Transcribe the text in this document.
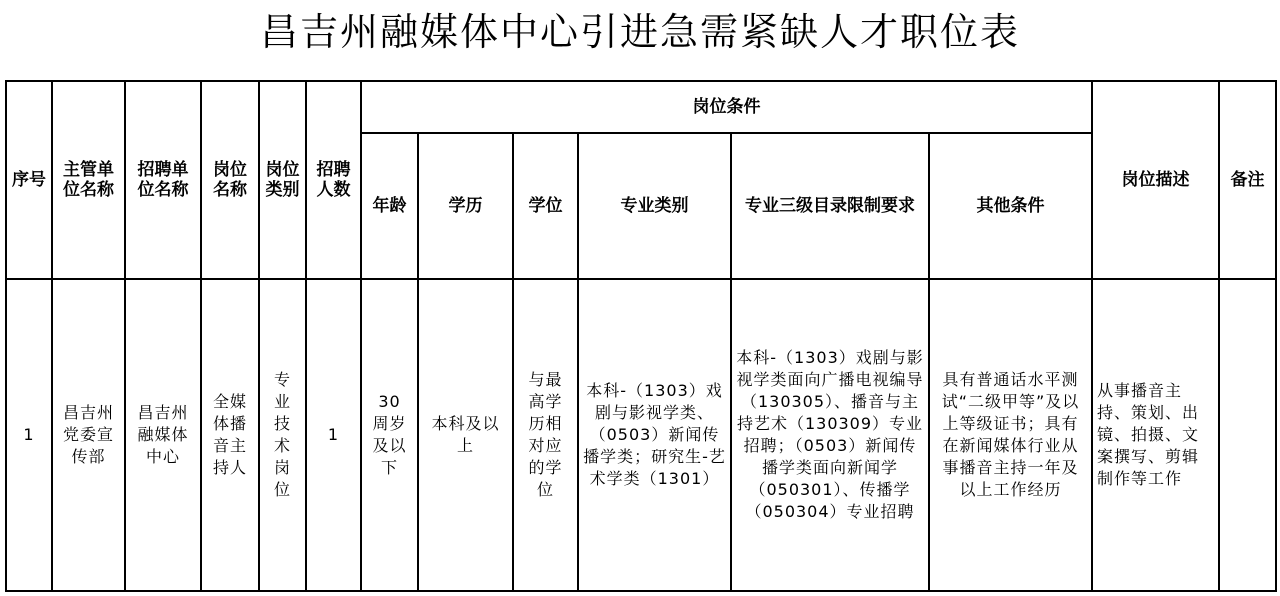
昌吉州融媒体中心引进急需紧缺人才职位表
序号	主管单位名称	招聘单位名称	岗位名称	岗位类别	招聘人数	岗位条件						岗位描述	备注
						年龄	学历	学位	专业类别	专业三级目录限制要求	其他条件		
1	昌吉州党委宣传部	昌吉州融媒体中心	全媒体播音主持人	专业技术岗位	1	30周岁及以下	本科及以上	与最高学历相对应的学位	本科-（1303）戏剧与影视学类、（0503）新闻传播学类；研究生-艺术学类（1301）	本科-（1303）戏剧与影视学类面向广播电视编导（130305）、播音与主持艺术（130309）专业招聘；（0503）新闻传播学类面向新闻学（050301）、传播学（050304）专业招聘	具有普通话水平测试“二级甲等”及以上等级证书；具有在新闻媒体行业从事播音主持一年及以上工作经历	从事播音主持、策划、出镜、拍摄、文案撰写、剪辑制作等工作	
